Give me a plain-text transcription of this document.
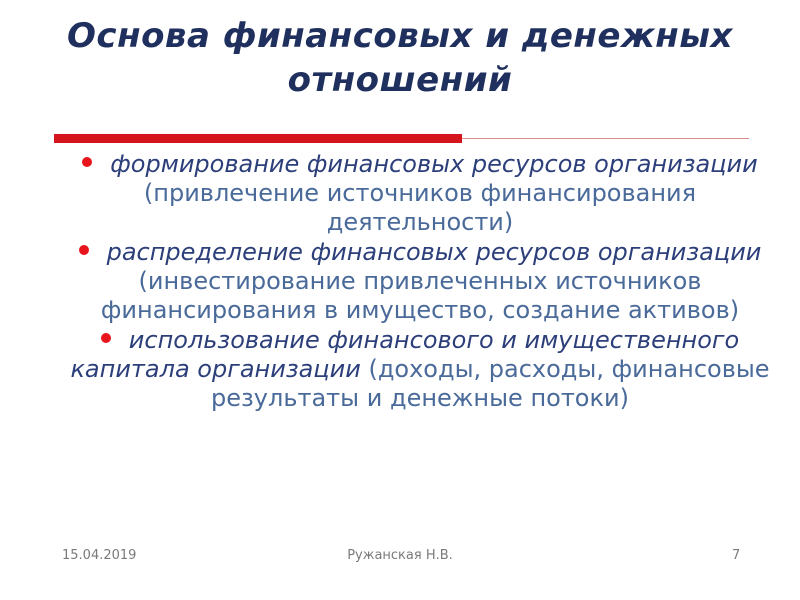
Основа финансовых и денежных отношений
формирование финансовых ресурсов организации (привлечение источников финансирования деятельности)
распределение финансовых ресурсов организации (инвестирование привлеченных источников финансирования в имущество, создание активов)
использование финансового и имущественного капитала организации (доходы, расходы, финансовые результаты и денежные потоки)
15.04.2019	Ружанская Н.В.	7
